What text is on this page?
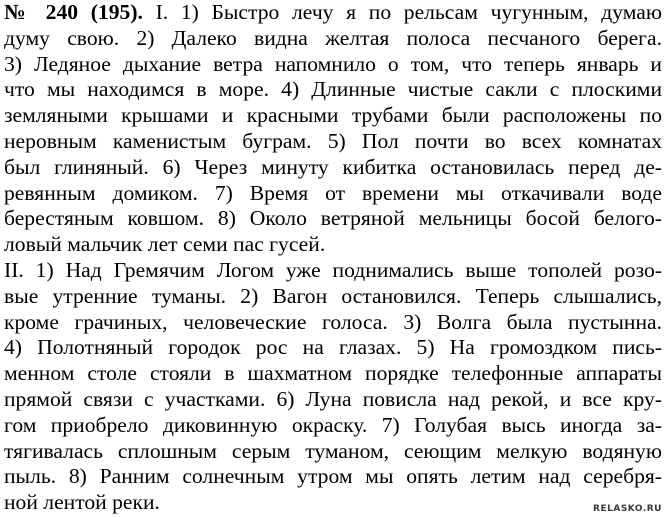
№ 240 (195). I. 1) Быстро лечу я по рельсам чугунным, думаю
думу свою. 2) Далеко видна желтая полоса песчаного берега.
3) Ледяное дыхание ветра напомнило о том, что теперь январь и
что мы находимся в море. 4) Длинные чистые сакли с плоскими
земляными крышами и красными трубами были расположены по
неровным каменистым буграм. 5) Пол почти во всех комнатах
был глиняный. 6) Через минуту кибитка остановилась перед де-
ревянным домиком. 7) Время от времени мы откачивали воде
берестяным ковшом. 8) Около ветряной мельницы босой белого-
ловый мальчик лет семи пас гусей.
II. 1) Над Гремячим Логом уже поднимались выше тополей розо-
вые утренние туманы. 2) Вагон остановился. Теперь слышались,
кроме грачиных, человеческие голоса. 3) Волга была пустынна.
4) Полотняный городок рос на глазах. 5) На громоздком пись-
менном столе стояли в шахматном порядке телефонные аппараты
прямой связи с участками. 6) Луна повисла над рекой, и все кру-
гом приобрело диковинную окраску. 7) Голубая высь иногда за-
тягивалась сплошным серым туманом, сеющим мелкую водяную
пыль. 8) Ранним солнечным утром мы опять летим над серебря-
ной лентой реки.	RELASKO.RU
